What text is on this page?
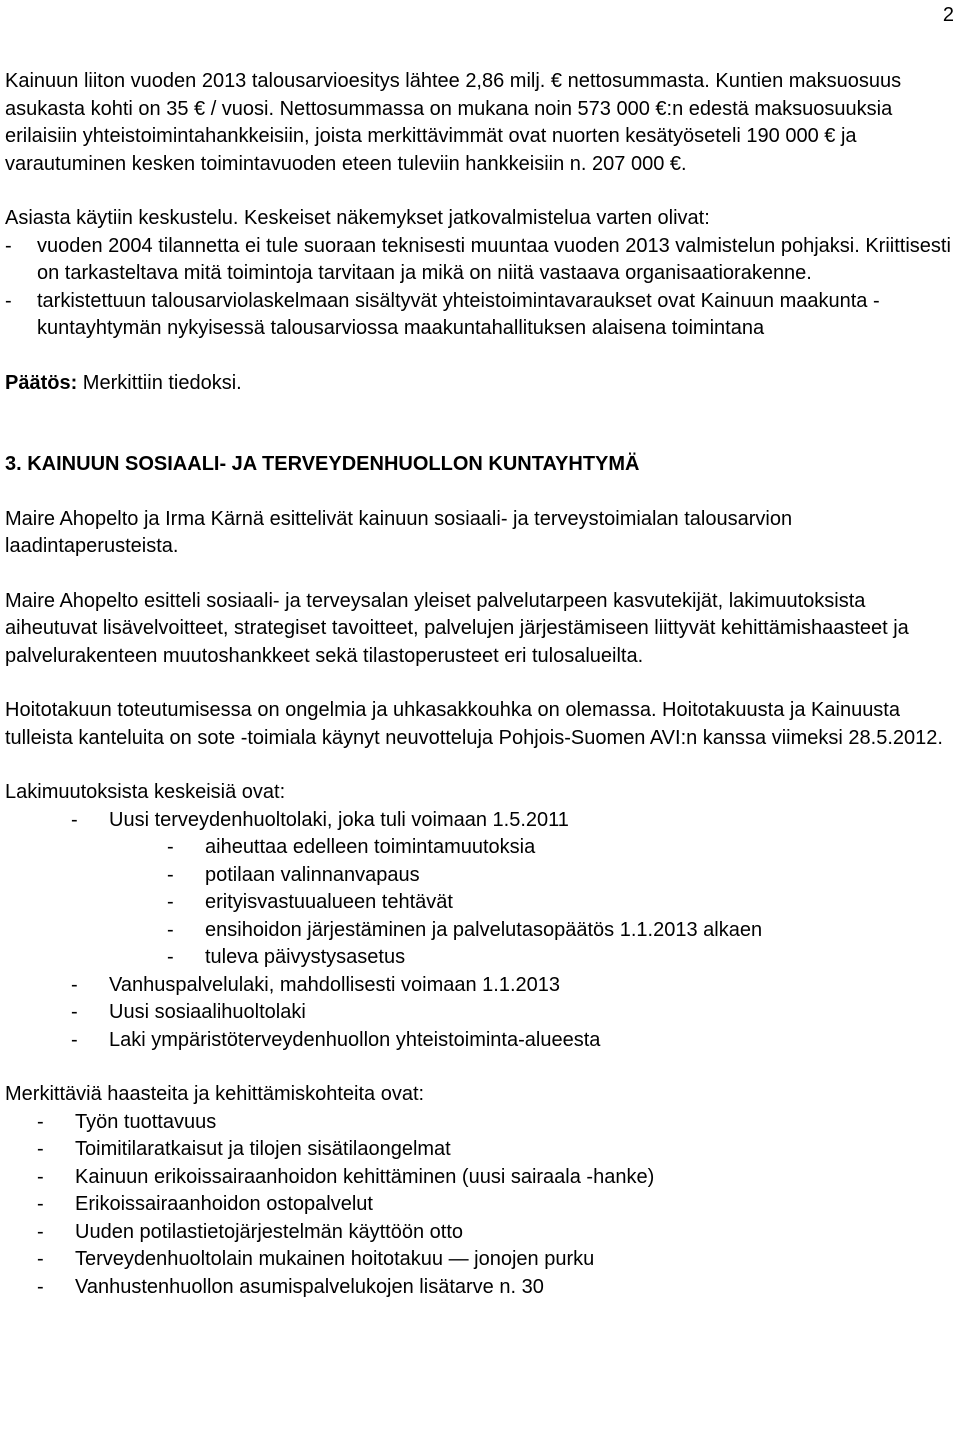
2

Kainuun liiton vuoden 2013 talousarvioesitys lähtee 2,86 milj. € nettosummasta. Kuntien maksuosuus asukasta kohti on 35 € / vuosi. Nettosummassa on mukana noin 573 000 €:n edestä maksuosuuksia erilaisiin yhteistoimintahankkeisiin, joista merkittävimmät ovat nuorten kesätyöseteli 190 000 € ja varautuminen kesken toimintavuoden eteen tuleviin hankkeisiin n. 207 000 €.

Asiasta käytiin keskustelu. Keskeiset näkemykset jatkovalmistelua varten olivat:

-	vuoden 2004 tilannetta ei tule suoraan teknisesti muuntaa vuoden 2013 valmistelun pohjaksi. Kriittisesti on tarkasteltava mitä toimintoja tarvitaan ja mikä on niitä vastaava organisaatiorakenne.
-	tarkistettuun talousarviolaskelmaan sisältyvät yhteistoimintavaraukset ovat Kainuun maakunta -kuntayhtymän nykyisessä talousarviossa maakuntahallituksen alaisena toimintana

Päätös: Merkittiin tiedoksi.

3. KAINUUN SOSIAALI- JA TERVEYDENHUOLLON KUNTAYHTYMÄ

Maire Ahopelto ja Irma Kärnä esittelivät kainuun sosiaali- ja terveystoimialan talousarvion laadintaperusteista.

Maire Ahopelto esitteli sosiaali- ja terveysalan yleiset palvelutarpeen kasvutekijät, lakimuutoksista aiheutuvat lisävelvoitteet, strategiset tavoitteet, palvelujen järjestämiseen liittyvät kehittämishaasteet ja palvelurakenteen muutoshankkeet sekä tilastoperusteet eri tulosalueilta.

Hoitotakuun toteutumisessa on ongelmia ja uhkasakkouhka on olemassa. Hoitotakuusta ja Kainuusta tulleista kanteluita on sote -toimiala käynyt neuvotteluja Pohjois-Suomen AVI:n kanssa viimeksi 28.5.2012.

Lakimuutoksista keskeisiä ovat:

-	Uusi terveydenhuoltolaki, joka tuli voimaan 1.5.2011
-	aiheuttaa edelleen toimintamuutoksia
-	potilaan valinnanvapaus
-	erityisvastuualueen tehtävät
-	ensihoidon järjestäminen ja palvelutasopäätös 1.1.2013 alkaen
-	tuleva päivystysasetus
-	Vanhuspalvelulaki, mahdollisesti voimaan 1.1.2013
-	Uusi sosiaalihuoltolaki
-	Laki ympäristöterveydenhuollon yhteistoiminta-alueesta

Merkittäviä haasteita ja kehittämiskohteita ovat:

-	Työn tuottavuus
-	Toimitilaratkaisut ja tilojen sisätilaongelmat
-	Kainuun erikoissairaanhoidon kehittäminen (uusi sairaala -hanke)
-	Erikoissairaanhoidon ostopalvelut
-	Uuden potilastietojärjestelmän käyttöön otto
-	Terveydenhuoltolain mukainen hoitotakuu — jonojen purku
-	Vanhustenhuollon asumispalvelukojen lisätarve n. 30
